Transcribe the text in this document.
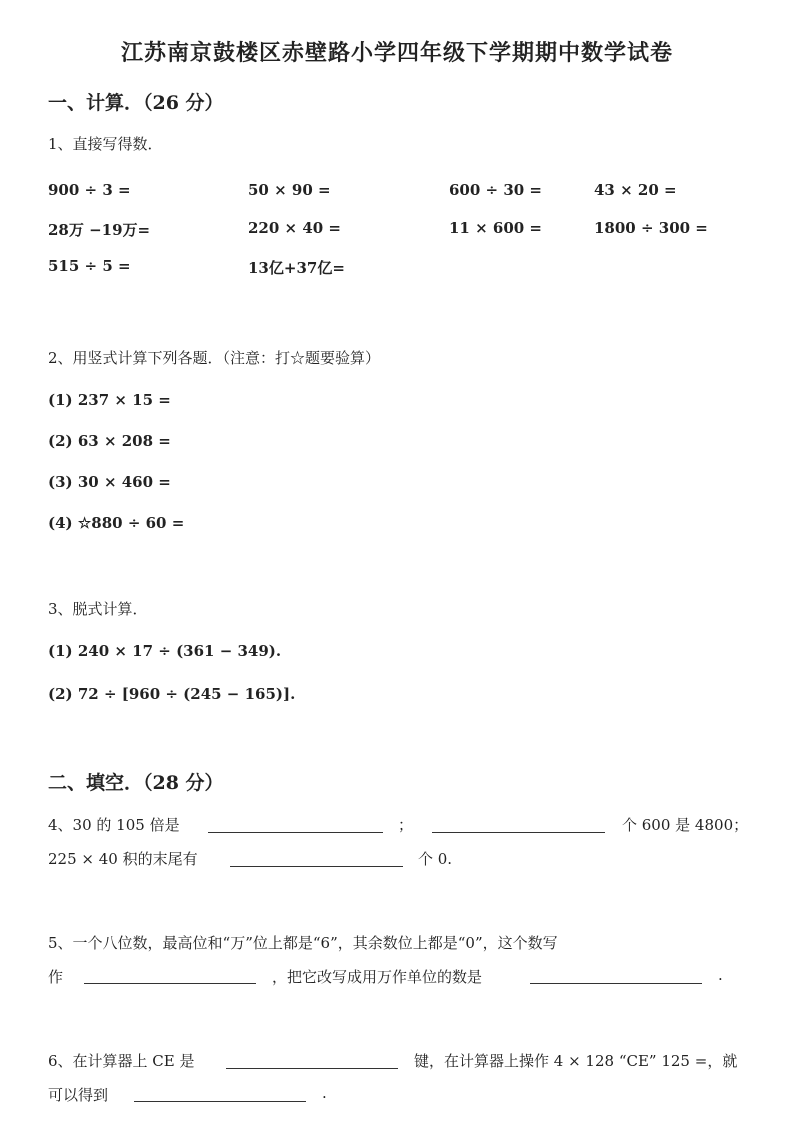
江苏南京鼓楼区赤壁路小学四年级下学期期中数学试卷
一、计算．（26 分）
1、直接写得数．
900 ÷ 3 =	50 × 90 =	600 ÷ 30 =	43 × 20 =
28万 −19万=	220 × 40 =	11 × 600 =	1800 ÷ 300 =
515 ÷ 5 =	13亿+37亿=
2、用竖式计算下列各题．（注意：打☆题要验算）
(1) 237 × 15 =
(2) 63 × 208 =
(3) 30 × 460 =
(4) ☆880 ÷ 60 =
3、脱式计算．
(1) 240 × 17 ÷ (361 − 349).
(2) 72 ÷ [960 ÷ (245 − 165)].
二、填空．（28 分）
4、30 的 105 倍是	；	个 600 是 4800；
225 × 40 积的末尾有	个 0.
5、一个八位数，最高位和“万”位上都是“6”，其余数位上都是“0”，这个数写
作	，把它改写成用万作单位的数是	.
6、在计算器上 CE 是	键，在计算器上操作 4 × 128 “CE” 125 =，就
可以得到	.
